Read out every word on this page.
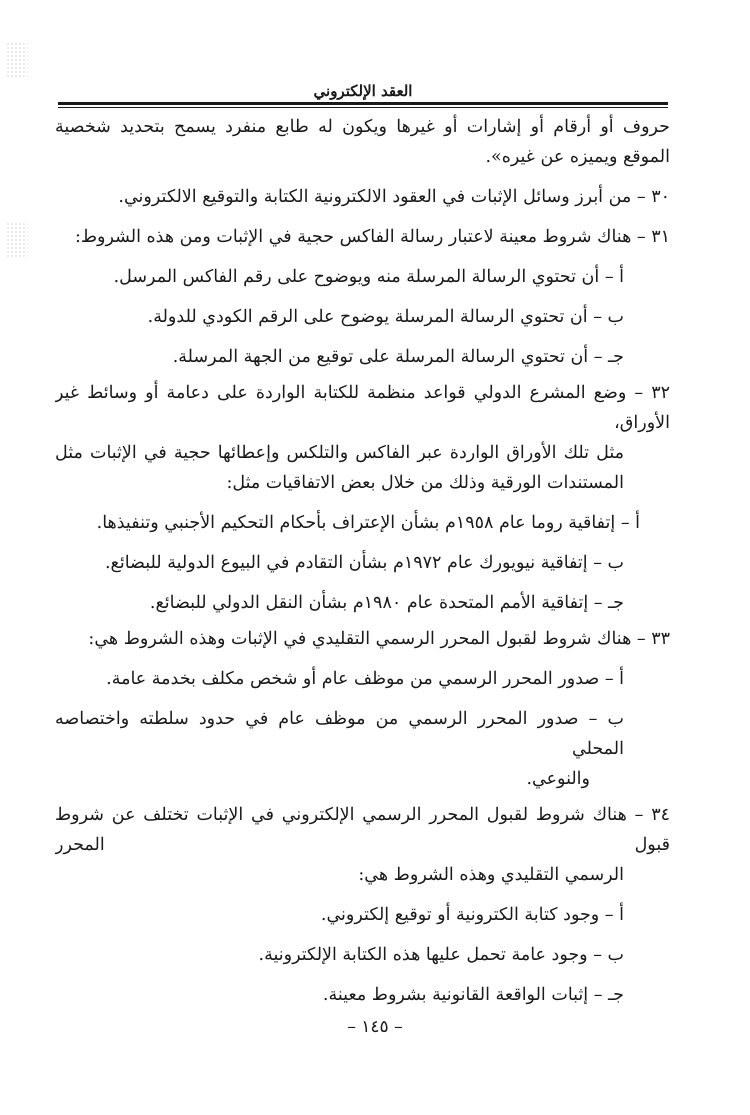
العقد الإلكتروني
حروف أو أرقام أو إشارات أو غيرها ويكون له طابع منفرد يسمح بتحديد شخصية
الموقع ويميزه عن غيره».
٣٠ – من أبرز وسائل الإثبات في العقود الالكترونية الكتابة والتوقيع الالكتروني.
٣١ – هناك شروط معينة لاعتبار رسالة الفاكس حجية في الإثبات ومن هذه الشروط:
أ – أن تحتوي الرسالة المرسلة منه ويوضوح على رقم الفاكس المرسل.
ب – أن تحتوي الرسالة المرسلة يوضوح على الرقم الكودي للدولة.
جـ – أن تحتوي الرسالة المرسلة على توقيع من الجهة المرسلة.
٣٢ – وضع المشرع الدولي قواعد منظمة للكتابة الواردة على دعامة أو وسائط غير الأوراق،
مثل تلك الأوراق الواردة عبر الفاكس والتلكس وإعطائها حجية في الإثبات مثل
المستندات الورقية وذلك من خلال بعض الاتفاقيات مثل:
أ – إتفاقية روما عام ١٩٥٨م بشأن الإعتراف بأحكام التحكيم الأجنبي وتنفيذها.
ب – إتفاقية نيويورك عام ١٩٧٢م بشأن التقادم في البيوع الدولية للبضائع.
جـ – إتفاقية الأمم المتحدة عام ١٩٨٠م بشأن النقل الدولي للبضائع.
٣٣ – هناك شروط لقبول المحرر الرسمي التقليدي في الإثبات وهذه الشروط هي:
أ – صدور المحرر الرسمي من موظف عام أو شخص مكلف بخدمة عامة.
ب – صدور المحرر الرسمي من موظف عام في حدود سلطته واختصاصه المحلي
والنوعي.
٣٤ – هناك شروط لقبول المحرر الرسمي الإلكتروني في الإثبات تختلف عن شروط قبول المحرر
الرسمي التقليدي وهذه الشروط هي:
أ – وجود كتابة الكترونية أو توقيع إلكتروني.
ب – وجود عامة تحمل عليها هذه الكتابة الإلكترونية.
جـ – إثبات الواقعة القانونية بشروط معينة.
– ١٤٥ –
